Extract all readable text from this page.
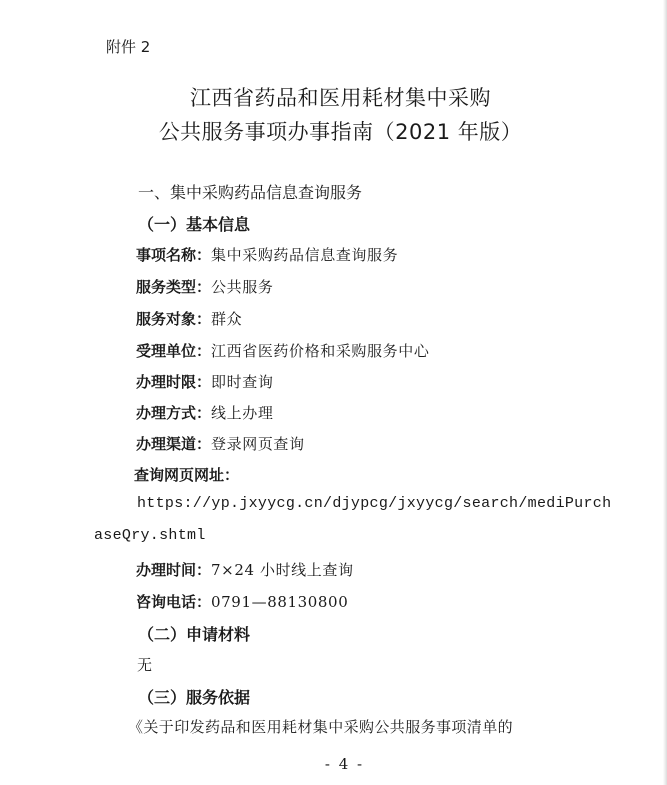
附件 2
江西省药品和医用耗材集中采购
公共服务事项办事指南（2021 年版）
一、集中采购药品信息查询服务
（一）基本信息
事项名称：集中采购药品信息查询服务
服务类型：公共服务
服务对象：群众
受理单位：江西省医药价格和采购服务中心
办理时限：即时查询
办理方式：线上办理
办理渠道：登录网页查询
查询网页网址：
https://yp.jxyycg.cn/djypcg/jxyycg/search/mediPurch
aseQry.shtml
办理时间：7×24 小时线上查询
咨询电话：0791—88130800
（二）申请材料
无
（三）服务依据
《关于印发药品和医用耗材集中采购公共服务事项清单的
- 4 -
